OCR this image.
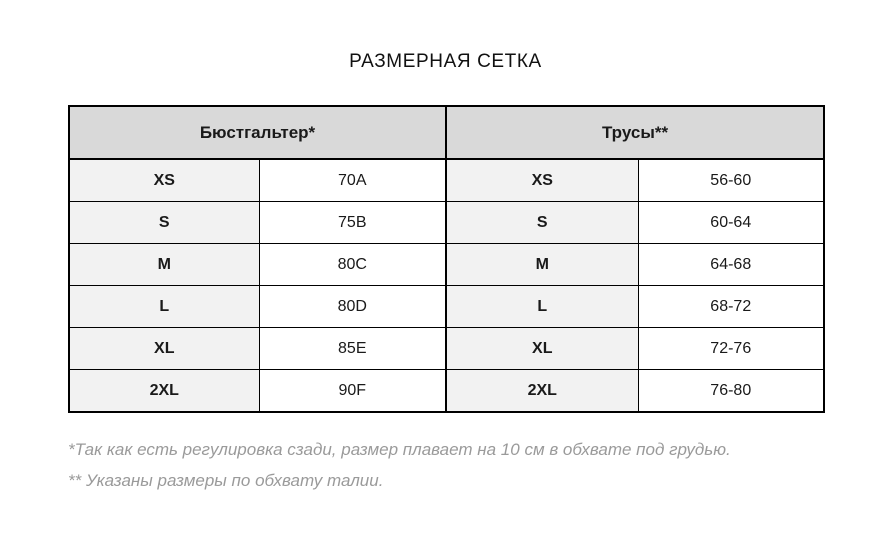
РАЗМЕРНАЯ СЕТКА
Бюстгальтер*		Трусы**	
XS	70A	XS	56-60
S	75B	S	60-64
M	80C	M	64-68
L	80D	L	68-72
XL	85E	XL	72-76
2XL	90F	2XL	76-80
*Так как есть регулировка сзади, размер плавает на 10 см в обхвате под грудью.
** Указаны размеры по обхвату талии.
